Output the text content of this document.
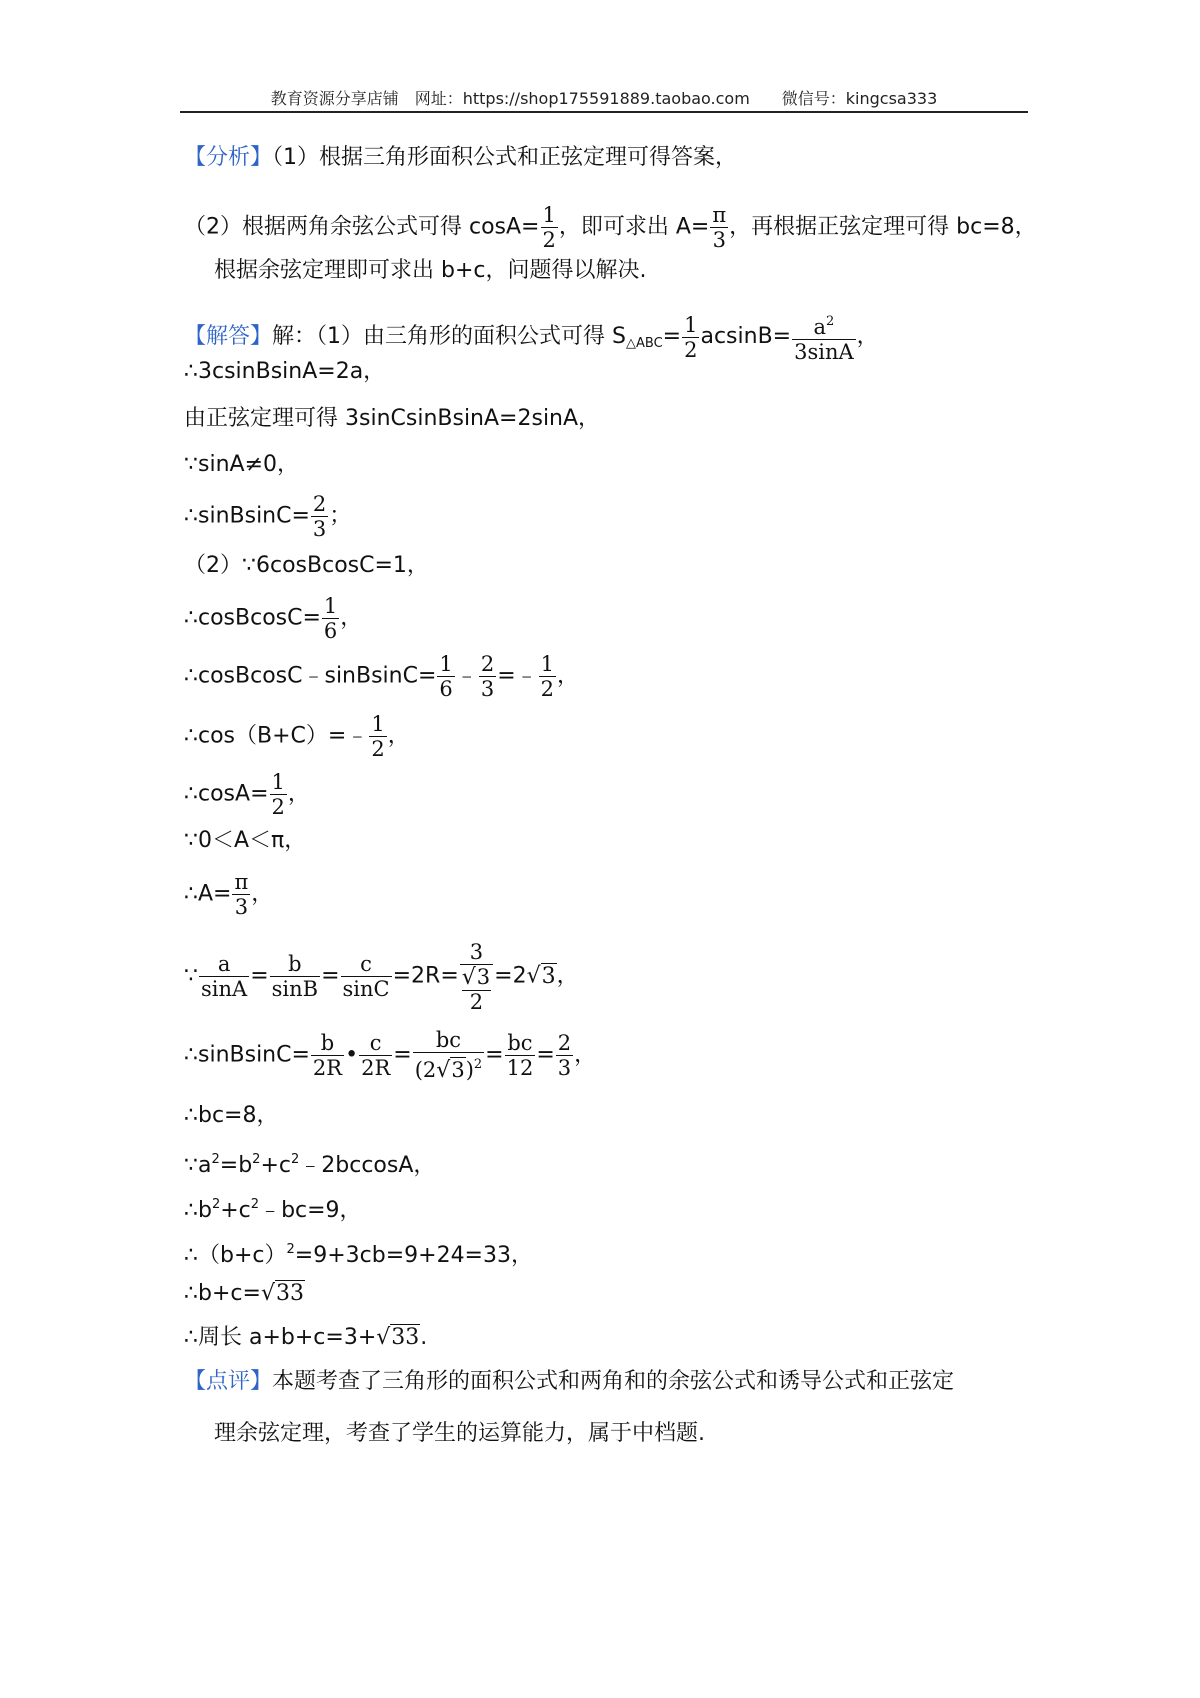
教育资源分享店铺　网址：https://shop175591889.taobao.com　　微信号：kingcsa333
【分析】（1）根据三角形面积公式和正弦定理可得答案，
（2）根据两角余弦公式可得 $\cos A= \frac{1}{2}$ ，即可求出 $A= \frac{\pi}{3}$ ，再根据正弦定理可得 bc=8，
根据余弦定理即可求出 b+c，问题得以解决.
【解答】解：（1）由三角形的面积公式可得 $S_{\triangle ABC}= \frac{1}{2} acsinB= \frac{a^2}{3\sin A}$ ，
∴3csinBsinA=2a，
由正弦定理可得 3sinCsinBsinA=2sinA，
∵sinA≠0，
∴sinBsinC= $\frac{2}{3}$ ；
（2）∵6cosBcosC=1，
∴cosBcosC= $\frac{1}{6}$ ，
∴cosBcosC﹣sinBsinC= $\frac{1}{6}$ ﹣ $\frac{2}{3}$ =﹣ $\frac{1}{2}$ ，
∴cos（B+C）=﹣ $\frac{1}{2}$ ，
∴cosA= $\frac{1}{2}$ ，
∵0＜A＜π，
∴A= $\frac{\pi}{3}$ ，
∵ $\frac{a}{\sin A} = \frac{b}{\sin B} = \frac{c}{\sin C} =2R= 3$
√3
2 =2√3，
∴sinBsinC= $\frac{b}{2R}$ • $\frac{c}{2R} = \frac{bc}{(2√3)^2} = \frac{bc}{12} = \frac{2}{3}$ ，
∴bc=8，
$\because a^2=b^2+c^2﹣2bccosA$，
$\therefore b^2+c^2﹣bc=9$，
$\therefore(b+c)^2=9+3cb=9+24=33$，
∴b+c=√33
∴周长 a+b+c=3+√33.
【点评】本题考查了三角形的面积公式和两角和的余弦公式和诱导公式和正弦定
理余弦定理，考查了学生的运算能力，属于中档题.
